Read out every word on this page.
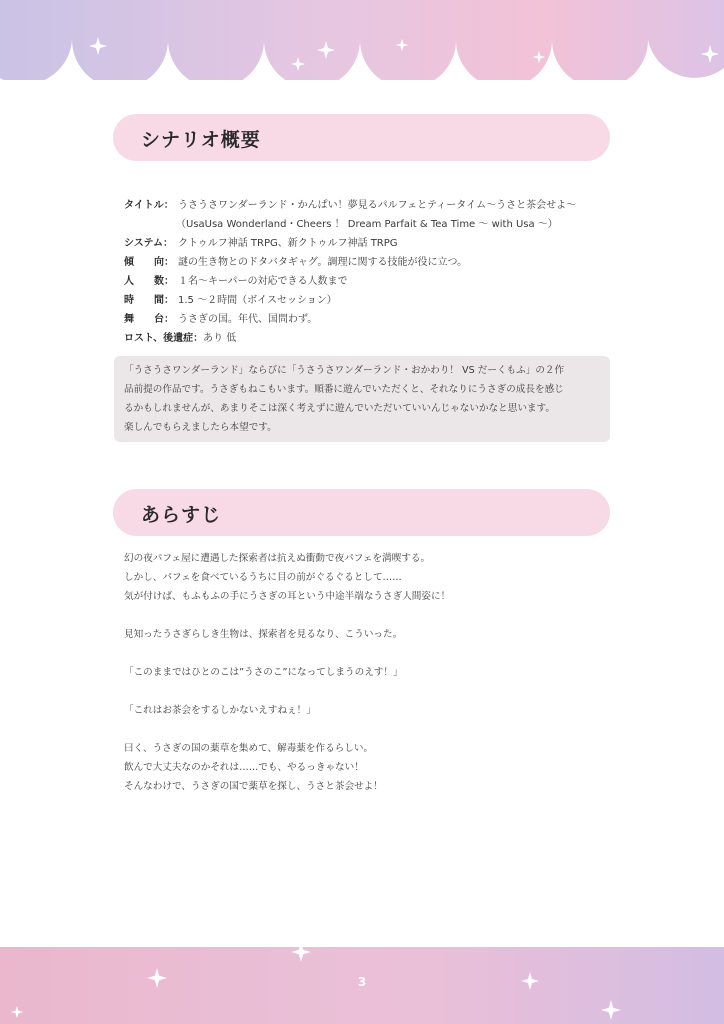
シナリオ概要
タイトル： うさうさワンダーランド・かんぱい！夢見るパルフェとティータイム～うさと茶会せよ～
（UsaUsa Wonderland・Cheers ！ Dream Parfait & Tea Time ～ with Usa ～）
システム： クトゥルフ神話 TRPG、新クトゥルフ神話 TRPG
傾　　向： 謎の生き物とのドタバタギャグ。調理に関する技能が役に立つ。
人　　数： １名～キーパーの対応できる人数まで
時　　間： 1.5 ～２時間（ボイスセッション）
舞　　台： うさぎの国。年代、国問わず。
ロスト、後遺症： あり 低
「うさうさワンダーランド」ならびに「うさうさワンダーランド・おかわり！ VS だーくもふ」の２作
品前提の作品です。うさぎもねこもいます。順番に遊んでいただくと、それなりにうさぎの成長を感じ
るかもしれませんが、あまりそこは深く考えずに遊んでいただいていいんじゃないかなと思います。
楽しんでもらえましたら本望です。
あらすじ

幻の夜パフェ屋に遭遇した探索者は抗えぬ衝動で夜パフェを満喫する。

しかし、パフェを食べているうちに目の前がぐるぐるとして……

気が付けば、もふもふの手にうさぎの耳という中途半端なうさぎ人間姿に！

見知ったうさぎらしき生物は、探索者を見るなり、こういった。

「このままではひとのこは”うさのこ”になってしまうのえす！」

「これはお茶会をするしかないえすねぇ！」

曰く、うさぎの国の薬草を集めて、解毒薬を作るらしい。

飲んで大丈夫なのかそれは……でも、やるっきゃない！

そんなわけで、うさぎの国で薬草を探し、うさと茶会せよ！

3
